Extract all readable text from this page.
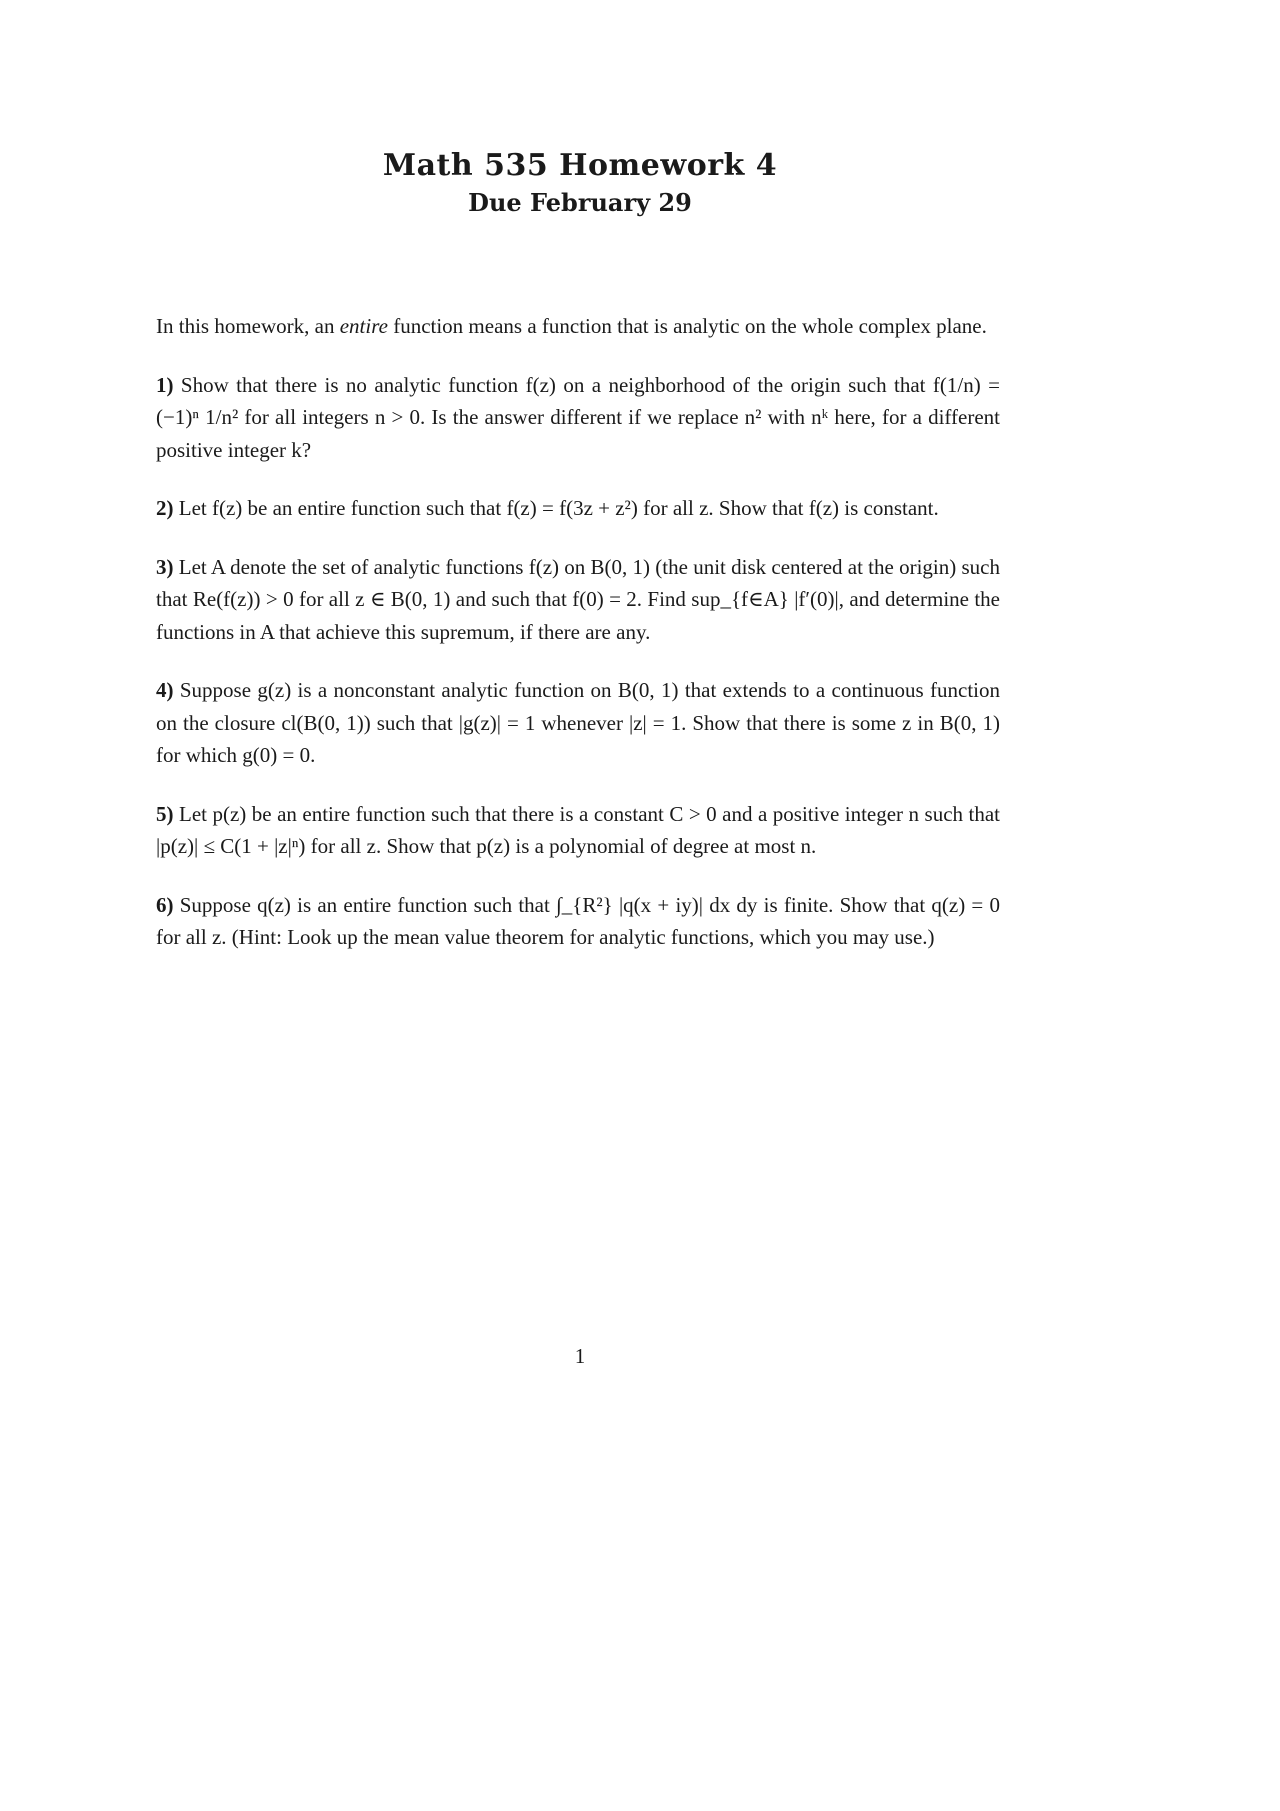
Math 535 Homework 4

Due February 29

In this homework, an entire function means a function that is analytic on the whole complex plane.

1) Show that there is no analytic function f(z) on a neighborhood of the origin such that f(1/n) = (−1)ⁿ 1/n² for all integers n > 0. Is the answer different if we replace n² with nᵏ here, for a different positive integer k?

2) Let f(z) be an entire function such that f(z) = f(3z + z²) for all z. Show that f(z) is constant.

3) Let A denote the set of analytic functions f(z) on B(0, 1) (the unit disk centered at the origin) such that Re(f(z)) > 0 for all z ∈ B(0, 1) and such that f(0) = 2. Find sup_{f∈A} |f′(0)|, and determine the functions in A that achieve this supremum, if there are any.

4) Suppose g(z) is a nonconstant analytic function on B(0, 1) that extends to a continuous function on the closure cl(B(0, 1)) such that |g(z)| = 1 whenever |z| = 1. Show that there is some z in B(0, 1) for which g(0) = 0.

5) Let p(z) be an entire function such that there is a constant C > 0 and a positive integer n such that |p(z)| ≤ C(1 + |z|ⁿ) for all z. Show that p(z) is a polynomial of degree at most n.

6) Suppose q(z) is an entire function such that ∫_{R²} |q(x + iy)| dx dy is finite. Show that q(z) = 0 for all z. (Hint: Look up the mean value theorem for analytic functions, which you may use.)

1
